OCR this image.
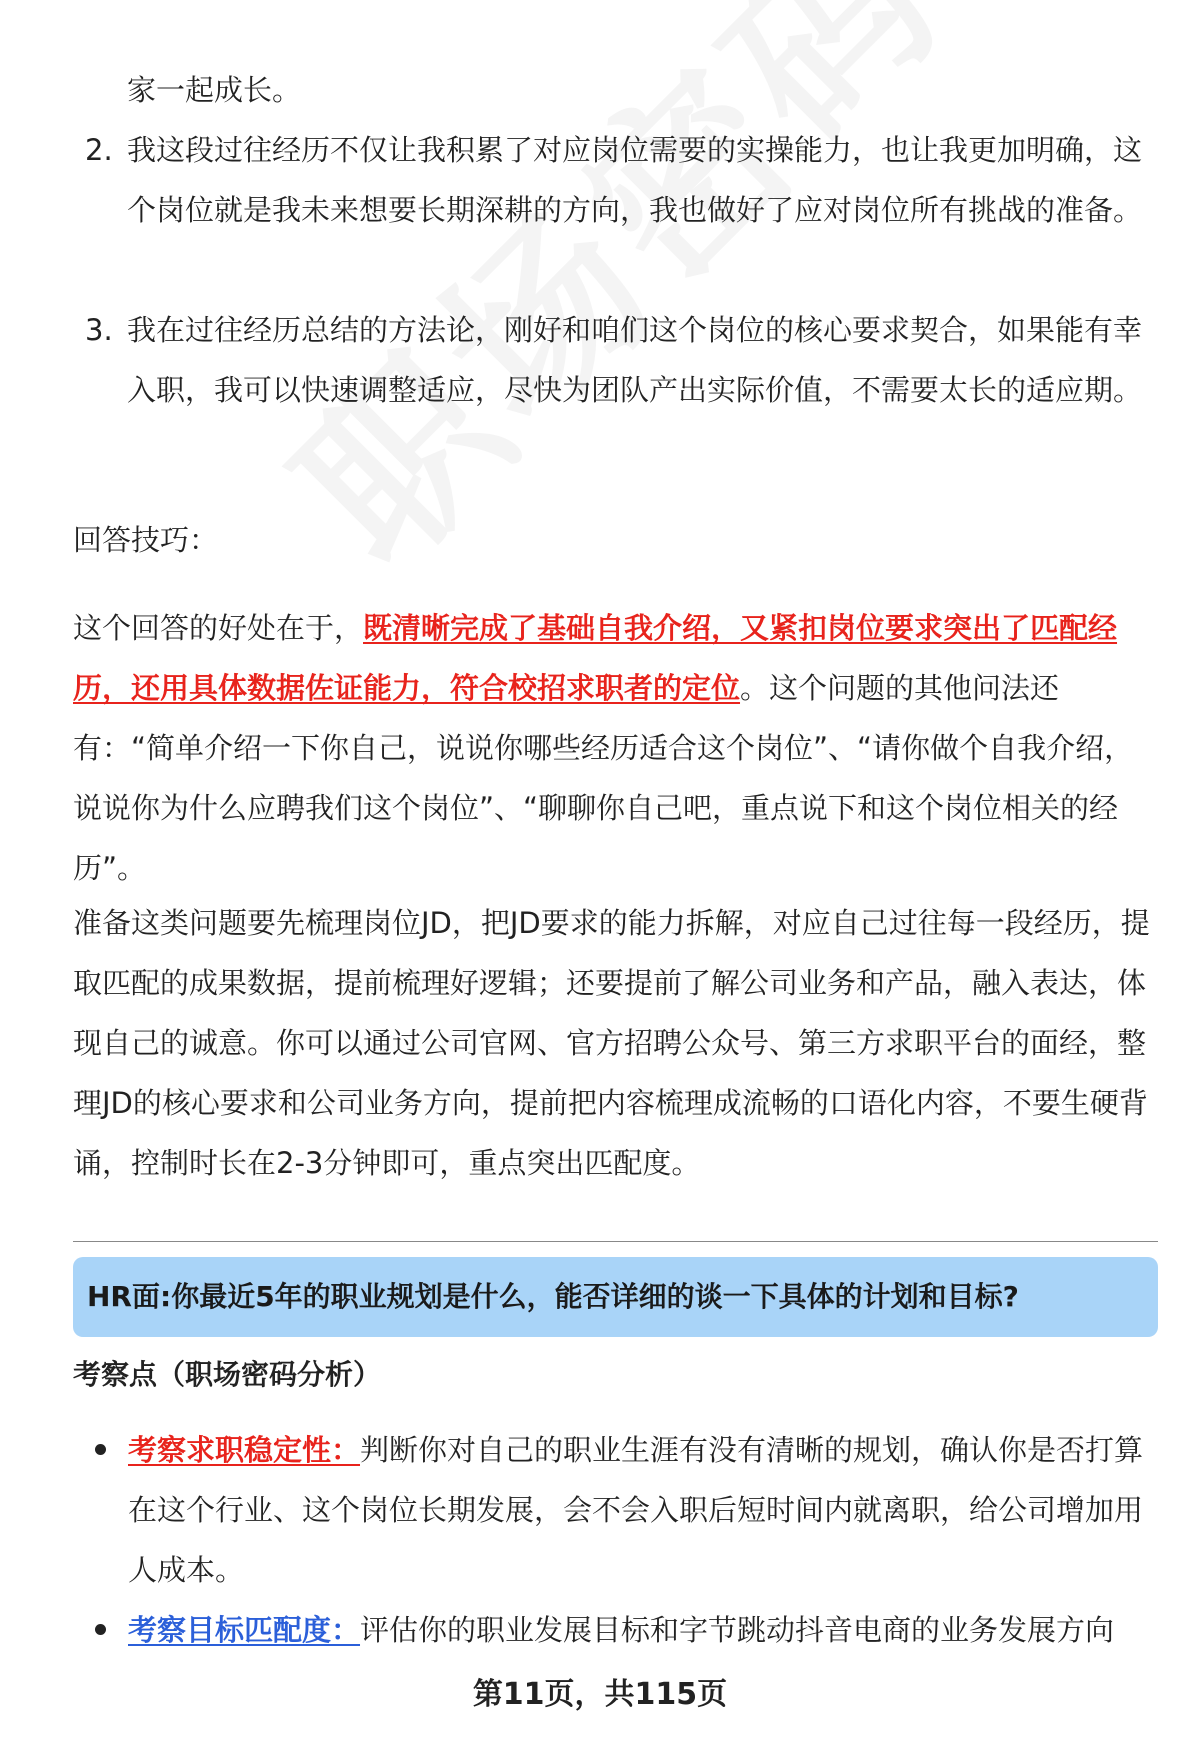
家一起成长。
2. 我这段过往经历不仅让我积累了对应岗位需要的实操能力，也让我更加明确，这个岗位就是我未来想要长期深耕的方向，我也做好了应对岗位所有挑战的准备。
3. 我在过往经历总结的方法论，刚好和咱们这个岗位的核心要求契合，如果能有幸入职，我可以快速调整适应，尽快为团队产出实际价值，不需要太长的适应期。
回答技巧：
这个回答的好处在于，既清晰完成了基础自我介绍，又紧扣岗位要求突出了匹配经历，还用具体数据佐证能力，符合校招求职者的定位。这个问题的其他问法还有：“简单介绍一下你自己，说说你哪些经历适合这个岗位”、“请你做个自我介绍，说说你为什么应聘我们这个岗位”、“聊聊你自己吧，重点说下和这个岗位相关的经历”。
准备这类问题要先梳理岗位JD，把JD要求的能力拆解，对应自己过往每一段经历，提取匹配的成果数据，提前梳理好逻辑；还要提前了解公司业务和产品，融入表达，体现自己的诚意。你可以通过公司官网、官方招聘公众号、第三方求职平台的面经，整理JD的核心要求和公司业务方向，提前把内容梳理成流畅的口语化内容，不要生硬背诵，控制时长在2-3分钟即可，重点突出匹配度。
HR面:你最近5年的职业规划是什么，能否详细的谈一下具体的计划和目标?
考察点（职场密码分析）
考察求职稳定性：判断你对自己的职业生涯有没有清晰的规划，确认你是否打算在这个行业、这个岗位长期发展，会不会入职后短时间内就离职，给公司增加用人成本。
考察目标匹配度：评估你的职业发展目标和字节跳动抖音电商的业务发展方向
第11页，共115页
